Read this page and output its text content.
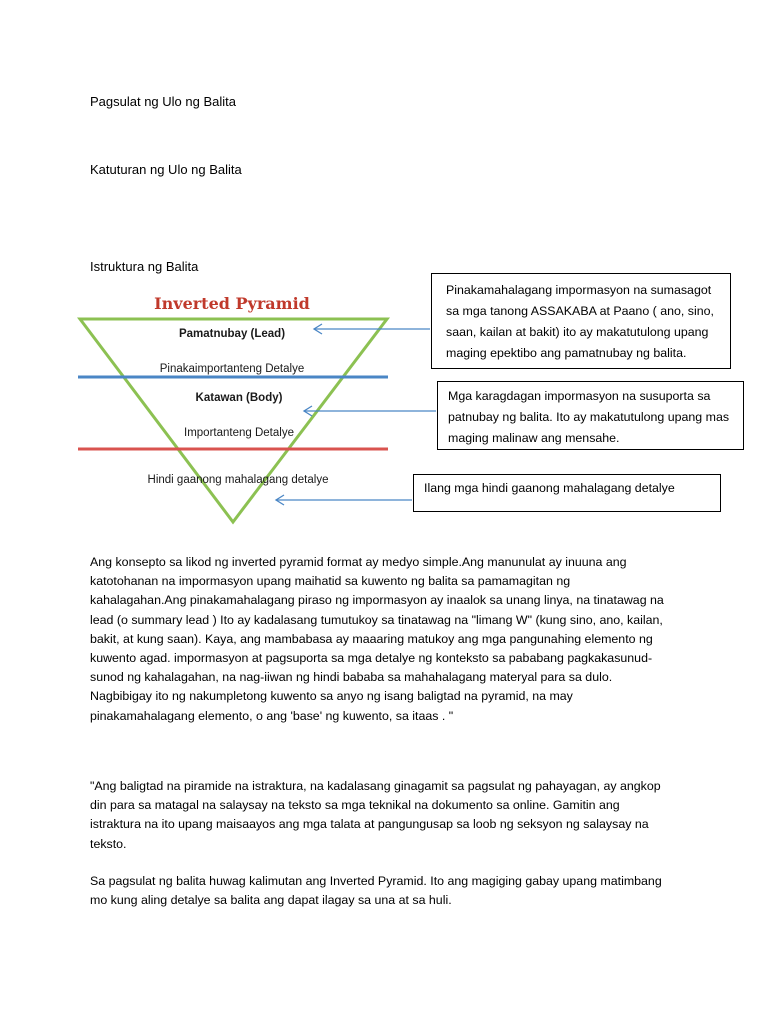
Pagsulat ng Ulo ng Balita

Katuturan ng Ulo ng Balita

Istruktura ng Balita

Inverted Pyramid
Pamatnubay (Lead)
Pinakaimportanteng Detalye
Katawan (Body)
Importanteng Detalye
Hindi gaanong mahalagang detalye
Pinakamahalagang impormasyon na sumasagot
sa mga tanong ASSAKABA at Paano ( ano, sino,
saan, kailan at bakit) ito ay makatutulong upang
maging epektibo ang pamatnubay ng balita.
Mga karagdagan impormasyon na susuporta sa
patnubay ng balita. Ito ay makatutulong upang mas
maging malinaw ang mensahe.
Ilang mga hindi gaanong mahalagang detalye
Ang konsepto sa likod ng inverted pyramid format ay medyo simple.Ang manunulat ay inuuna ang
katotohanan na impormasyon upang maihatid sa kuwento ng balita sa pamamagitan ng
kahalagahan.Ang pinakamahalagang piraso ng impormasyon ay inaalok sa unang linya, na tinatawag na
lead (o summary lead ) Ito ay kadalasang tumutukoy sa tinatawag na "limang W" (kung sino, ano, kailan,
bakit, at kung saan). Kaya, ang mambabasa ay maaaring matukoy ang mga pangunahing elemento ng
kuwento agad. impormasyon at pagsuporta sa mga detalye ng konteksto sa pababang pagkakasunud-
sunod ng kahalagahan, na nag-iiwan ng hindi bababa sa mahahalagang materyal para sa dulo.
Nagbibigay ito ng nakumpletong kuwento sa anyo ng isang baligtad na pyramid, na may
pinakamahalagang elemento, o ang 'base' ng kuwento, sa itaas . "
"Ang baligtad na piramide na istraktura, na kadalasang ginagamit sa pagsulat ng pahayagan, ay angkop
din para sa matagal na salaysay na teksto sa mga teknikal na dokumento sa online. Gamitin ang
istraktura na ito upang maisaayos ang mga talata at pangungusap sa loob ng seksyon ng salaysay na
teksto.
Sa pagsulat ng balita huwag kalimutan ang Inverted Pyramid. Ito ang magiging gabay upang matimbang
mo kung aling detalye sa balita ang dapat ilagay sa una at sa huli.
